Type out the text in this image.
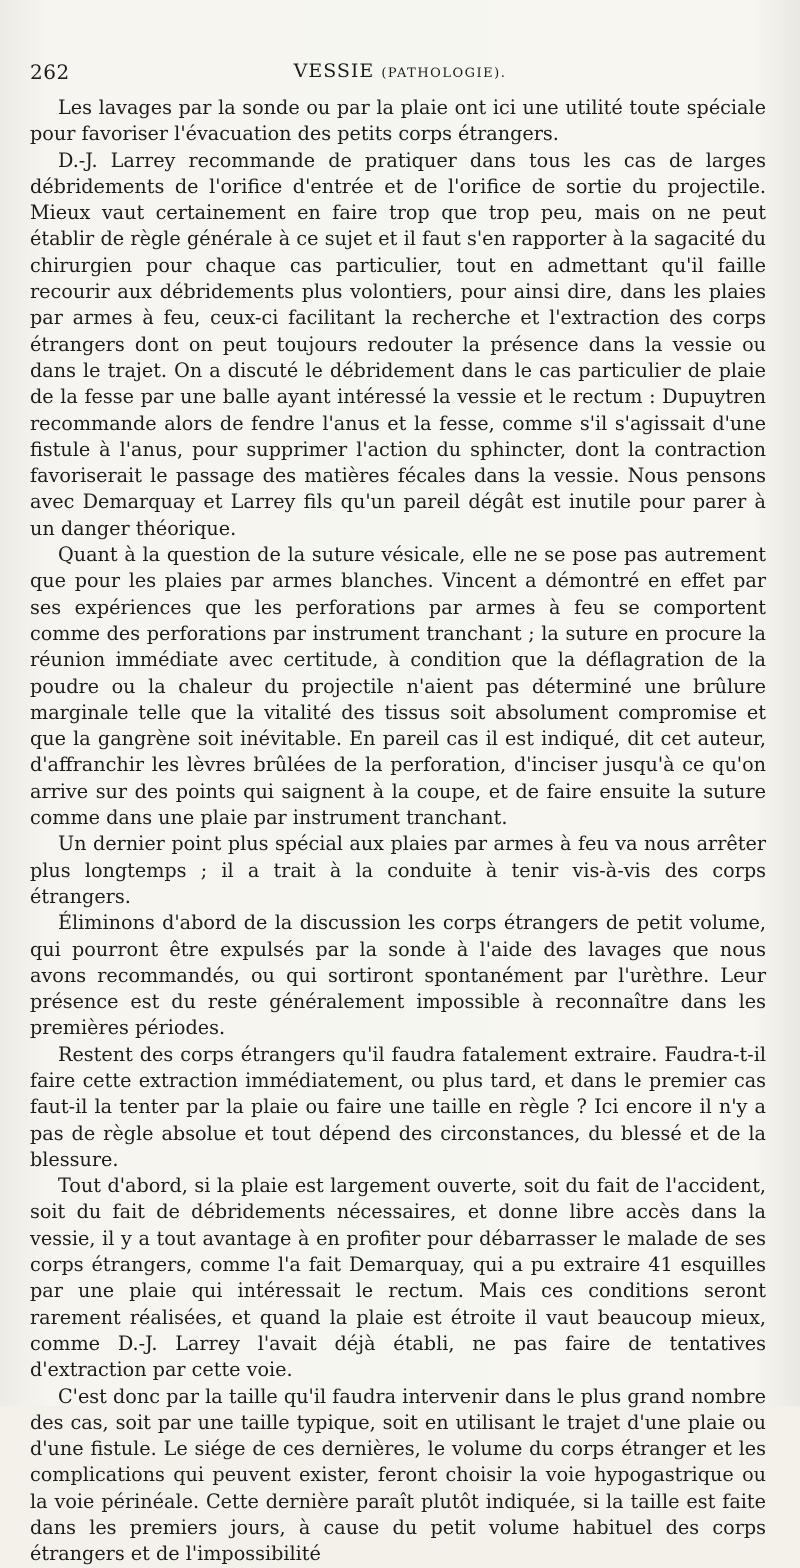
262	VESSIE (PATHOLOGIE).

Les lavages par la sonde ou par la plaie ont ici une utilité toute spéciale pour favoriser l'évacuation des petits corps étrangers.

D.-J. Larrey recommande de pratiquer dans tous les cas de larges débridements de l'orifice d'entrée et de l'orifice de sortie du projectile. Mieux vaut certainement en faire trop que trop peu, mais on ne peut établir de règle générale à ce sujet et il faut s'en rapporter à la sagacité du chirurgien pour chaque cas particulier, tout en admettant qu'il faille recourir aux débridements plus volontiers, pour ainsi dire, dans les plaies par armes à feu, ceux-ci facilitant la recherche et l'extraction des corps étrangers dont on peut toujours redouter la présence dans la vessie ou dans le trajet. On a discuté le débridement dans le cas particulier de plaie de la fesse par une balle ayant intéressé la vessie et le rectum : Dupuytren recommande alors de fendre l'anus et la fesse, comme s'il s'agissait d'une fistule à l'anus, pour supprimer l'action du sphincter, dont la contraction favoriserait le passage des matières fécales dans la vessie. Nous pensons avec Demarquay et Larrey fils qu'un pareil dégât est inutile pour parer à un danger théorique.

Quant à la question de la suture vésicale, elle ne se pose pas autrement que pour les plaies par armes blanches. Vincent a démontré en effet par ses expériences que les perforations par armes à feu se comportent comme des perforations par instrument tranchant ; la suture en procure la réunion immédiate avec certitude, à condition que la déflagration de la poudre ou la chaleur du projectile n'aient pas déterminé une brûlure marginale telle que la vitalité des tissus soit absolument compromise et que la gangrène soit inévitable. En pareil cas il est indiqué, dit cet auteur, d'affranchir les lèvres brûlées de la perforation, d'inciser jusqu'à ce qu'on arrive sur des points qui saignent à la coupe, et de faire ensuite la suture comme dans une plaie par instrument tranchant.

Un dernier point plus spécial aux plaies par armes à feu va nous arrêter plus longtemps ; il a trait à la conduite à tenir vis-à-vis des corps étrangers.

Éliminons d'abord de la discussion les corps étrangers de petit volume, qui pourront être expulsés par la sonde à l'aide des lavages que nous avons recommandés, ou qui sortiront spontanément par l'urèthre. Leur présence est du reste généralement impossible à reconnaître dans les premières périodes.

Restent des corps étrangers qu'il faudra fatalement extraire. Faudra-t-il faire cette extraction immédiatement, ou plus tard, et dans le premier cas faut-il la tenter par la plaie ou faire une taille en règle ? Ici encore il n'y a pas de règle absolue et tout dépend des circonstances, du blessé et de la blessure.

Tout d'abord, si la plaie est largement ouverte, soit du fait de l'accident, soit du fait de débridements nécessaires, et donne libre accès dans la vessie, il y a tout avantage à en profiter pour débarrasser le malade de ses corps étrangers, comme l'a fait Demarquay, qui a pu extraire 41 esquilles par une plaie qui intéressait le rectum. Mais ces conditions seront rarement réalisées, et quand la plaie est étroite il vaut beaucoup mieux, comme D.-J. Larrey l'avait déjà établi, ne pas faire de tentatives d'extraction par cette voie.

C'est donc par la taille qu'il faudra intervenir dans le plus grand nombre des cas, soit par une taille typique, soit en utilisant le trajet d'une plaie ou d'une fistule. Le siége de ces dernières, le volume du corps étranger et les complications qui peuvent exister, feront choisir la voie hypogastrique ou la voie périnéale. Cette dernière paraît plutôt indiquée, si la taille est faite dans les premiers jours, à cause du petit volume habituel des corps étrangers et de l'impossibilité
